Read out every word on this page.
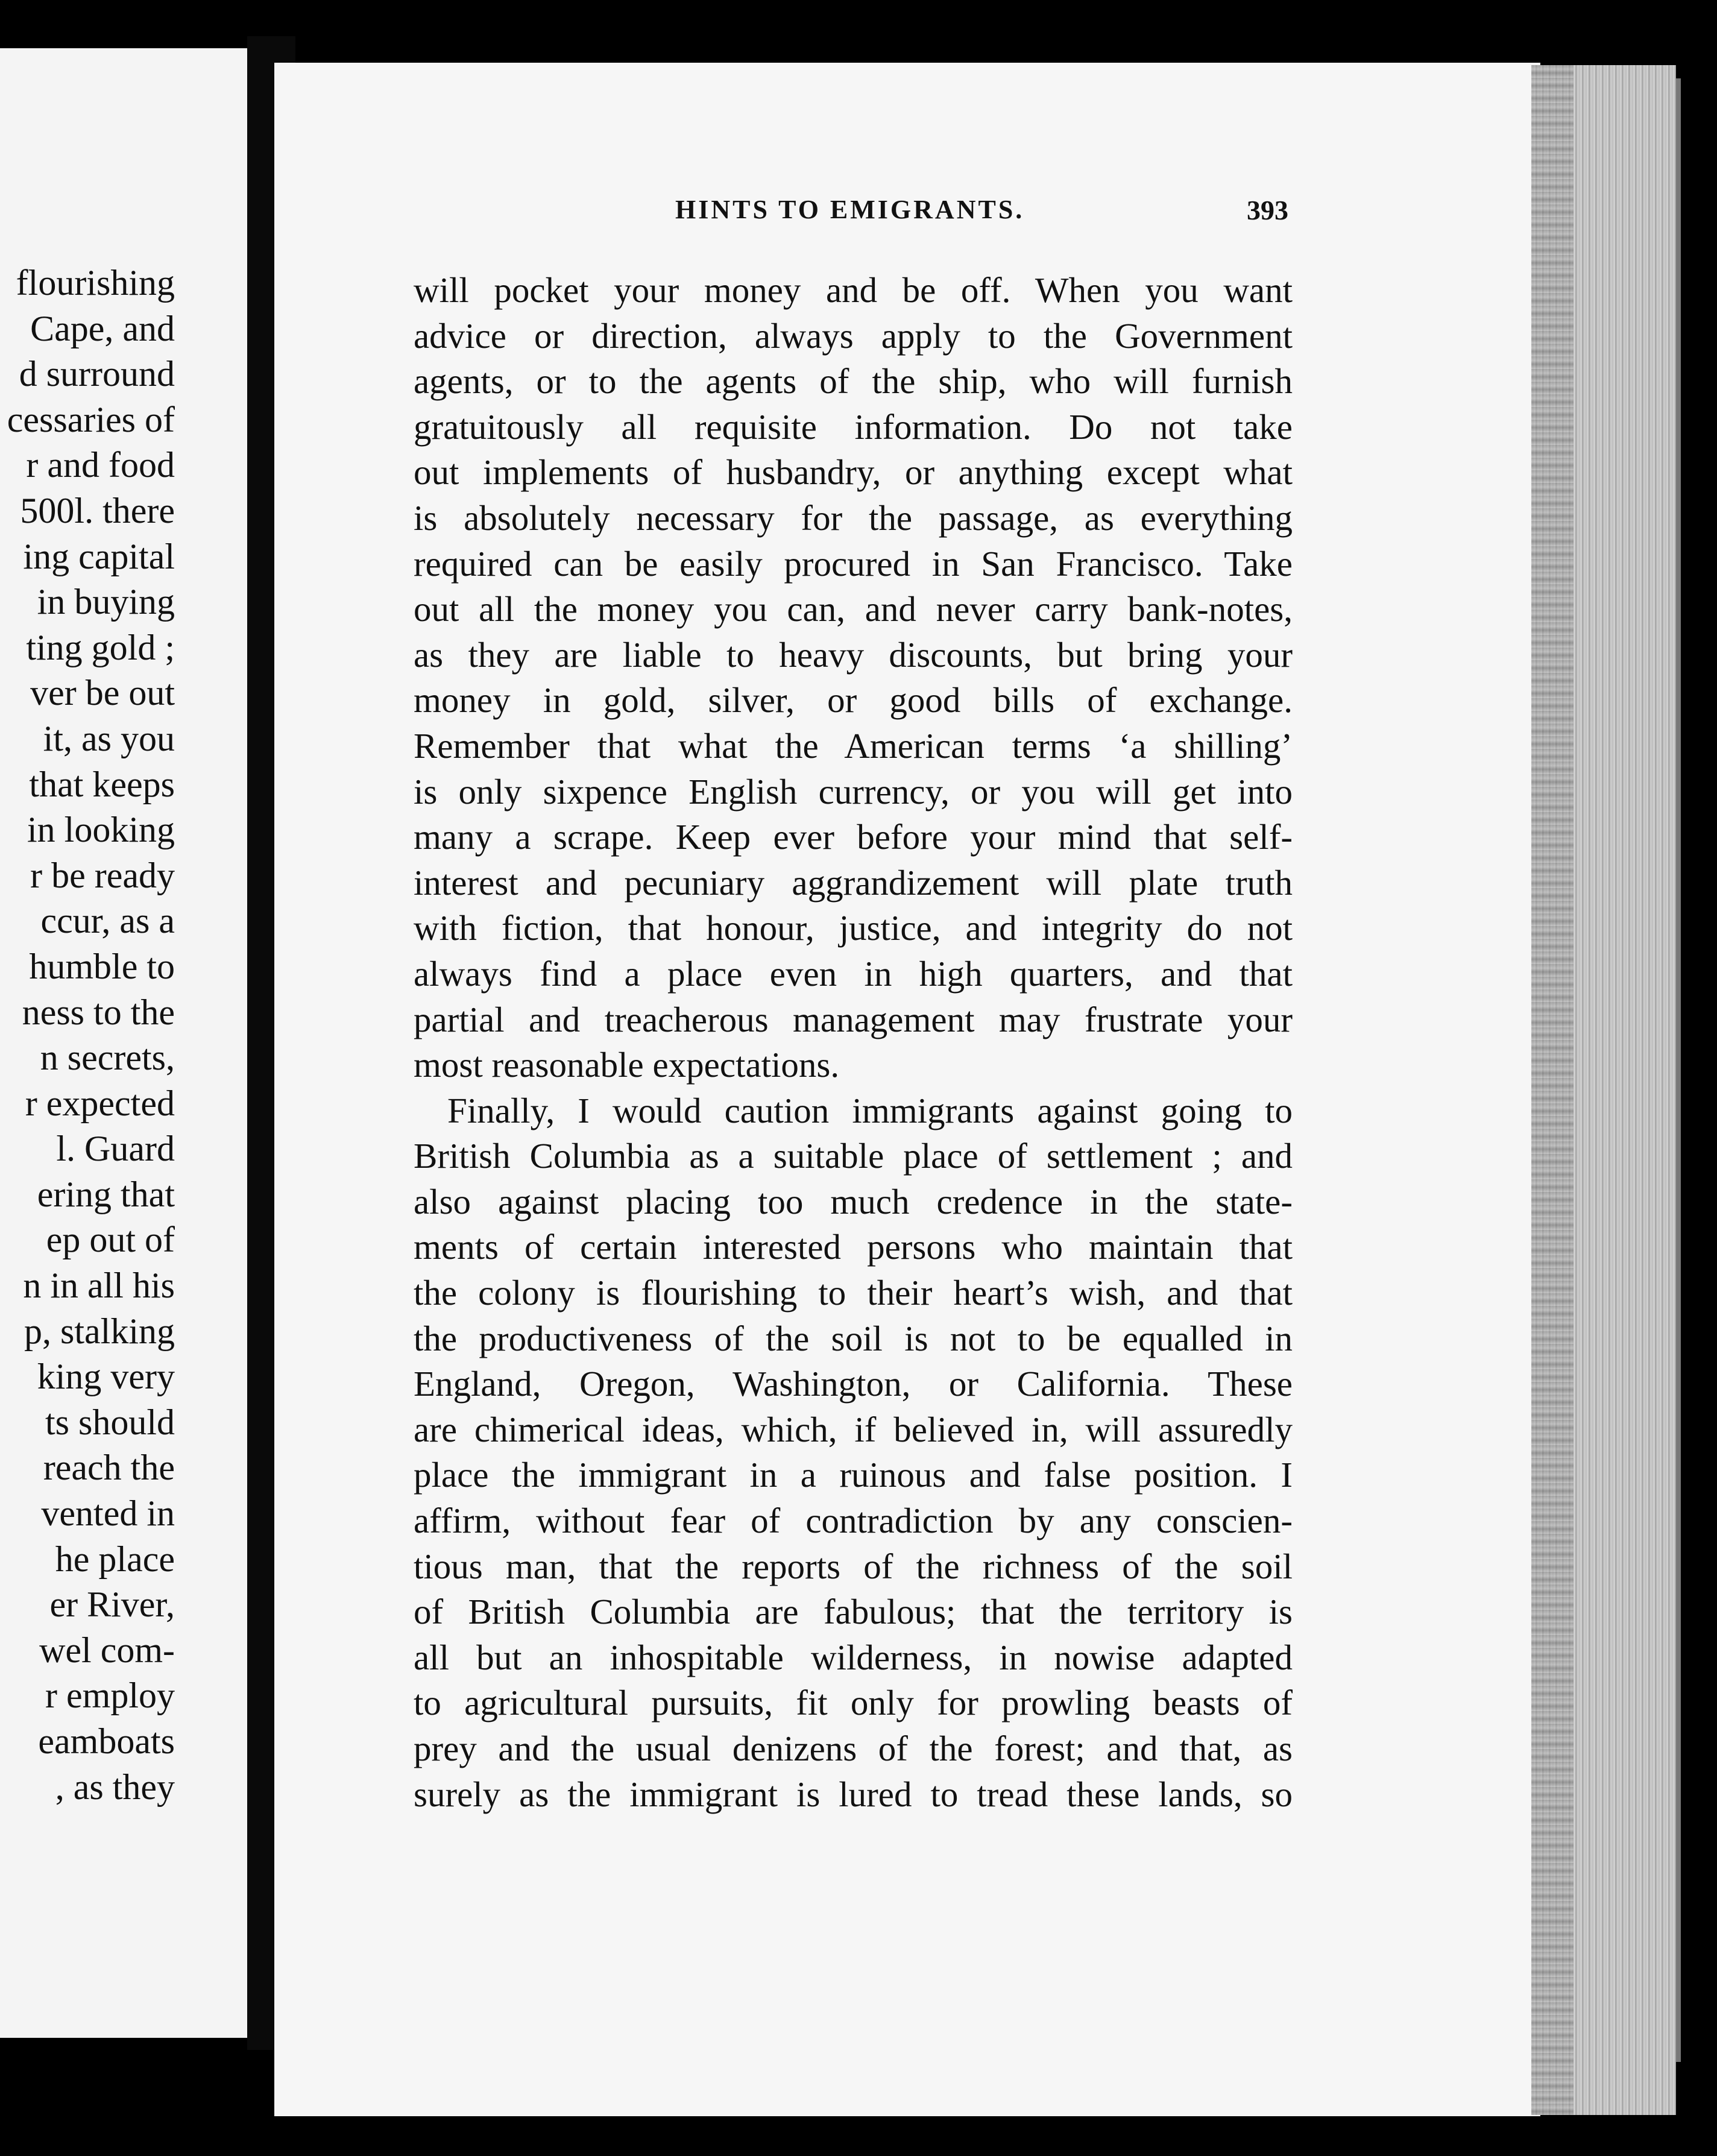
flourishing
Cape, and
d surround
cessaries of
r and food
500l. there
ing capital
in buying
ting gold ;
ver be out
it, as you
that keeps
in looking
r be ready
ccur, as a
humble to
ness to the
n secrets,
r expected
l. Guard
ering that
ep out of
n in all his
p, stalking
king very
ts should
reach the
vented in
he place
er River,
wel com-
r employ
eamboats
, as they
HINTS TO EMIGRANTS.	393
will pocket your money and be off. When you want
advice or direction, always apply to the Government
agents, or to the agents of the ship, who will furnish
gratuitously all requisite information. Do not take
out implements of husbandry, or anything except what
is absolutely necessary for the passage, as everything
required can be easily procured in San Francisco. Take
out all the money you can, and never carry bank-notes,
as they are liable to heavy discounts, but bring your
money in gold, silver, or good bills of exchange.
Remember that what the American terms ‘a shilling’
is only sixpence English currency, or you will get into
many a scrape. Keep ever before your mind that self-
interest and pecuniary aggrandizement will plate truth
with fiction, that honour, justice, and integrity do not
always find a place even in high quarters, and that
partial and treacherous management may frustrate your
most reasonable expectations.
Finally, I would caution immigrants against going to
British Columbia as a suitable place of settlement ; and
also against placing too much credence in the state-
ments of certain interested persons who maintain that
the colony is flourishing to their heart’s wish, and that
the productiveness of the soil is not to be equalled in
England, Oregon, Washington, or California. These
are chimerical ideas, which, if believed in, will assuredly
place the immigrant in a ruinous and false position. I
affirm, without fear of contradiction by any conscien-
tious man, that the reports of the richness of the soil
of British Columbia are fabulous; that the territory is
all but an inhospitable wilderness, in nowise adapted
to agricultural pursuits, fit only for prowling beasts of
prey and the usual denizens of the forest; and that, as
surely as the immigrant is lured to tread these lands, so
